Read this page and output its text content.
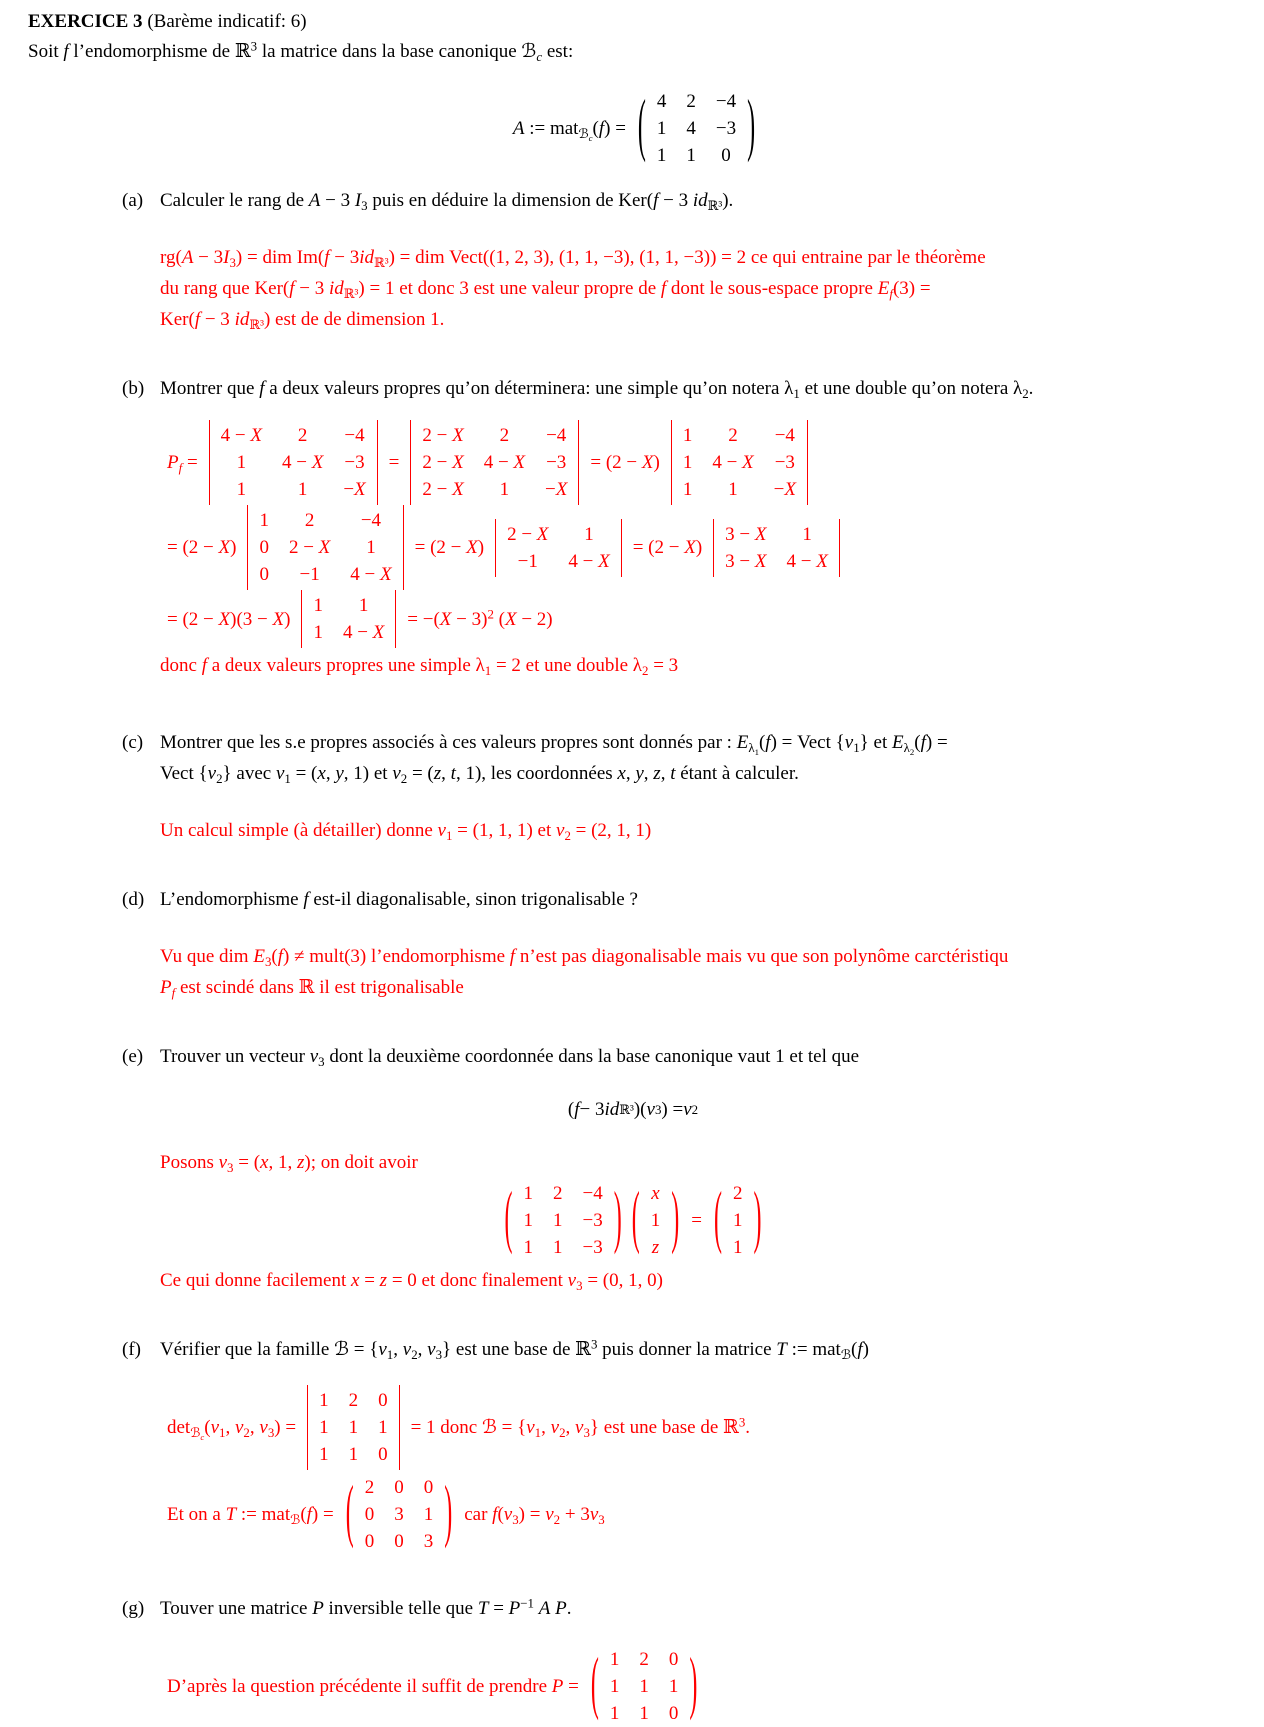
EXERCICE 3 (Barème indicatif: 6)
Soit f l’endomorphisme de ℝ$^3$ la matrice dans la base canonique ℬ$_c$ est:
A := mat$_{ℬ_c}$(f) = ( 4	2	−4
1	4	−3
1	1	0 )
(a) Calculer le rang de A − 3 $I_3$ puis en déduire la dimension de Ker(f − 3 $id_{ℝ^3}$).
$rg(A - 3I_3)$ = dim $Im(f - 3id_{ℝ^3})$ = dim Vect((1, 2, 3), (1, 1, −3), (1, 1, −3)) = 2 ce qui entraine par le théorème
du rang que Ker(f − 3 $id_{ℝ^3}) = 1$ et donc 3 est une valeur propre de f dont le sous-espace propre $E_f(3)$ =
Ker(f − 3 $id_{ℝ^3}$) est de de dimension 1.
(b) Montrer que f a deux valeurs propres qu’on déterminera: une simple qu’on notera $\lambda_1$ et une double qu’on notera $\lambda_2$.
$P_f$ =
4 − X	2	−4
1	4 − X	−3
1	1	−X
=
2 − X	2	−4
2 − X	4 − X	−3
2 − X	1	−X
= (2 − X)
1	2	−4
1	4 − X	−3
1	1	−X
= (2 − X)
1	2	−4
0	2 − X	1
0	−1	4 − X
= (2 − X)
2 − X	1
−1	4 − X
= (2 − X)
3 − X	1
3 − X	4 − X
= (2 − X)(3 − X)
1	1
1	4 − X
= $-(X - 3)^2$ (X − 2)
donc f a deux valeurs propres une simple $\lambda_1 = 2$ et une double $\lambda_2 = 3$
(c) Montrer que les s.e propres associés à ces valeurs propres sont donnés par : $E_{\lambda_1}(f)$ = Vect $\{v_1\}$ et $E_{\lambda_2}(f)$ =
Vect $\{v_2\}$ avec $v_1 = (x$, y, 1) et $v_2 = (z$, t, 1), les coordonnées x, y, z, t étant à calculer.
Un calcul simple (à détailler) donne $v_1 = (1$, 1, 1) et $v_2 = (2$, 1, 1)
(d) L’endomorphisme f est-il diagonalisable, sinon trigonalisable ?
Vu que dim $E_3(f)$ ≠ mult(3) l’endomorphisme f n’est pas diagonalisable mais vu que son polynôme carctéristiqu
$P_f$ est scindé dans ℝ il est trigonalisable
(e) Trouver un vecteur $v_3$ dont la deuxième coordonnée dans la base canonique vaut 1 et tel que
( f − 3 id ℝ³ )( v 3 ) = v 2
Posons $v_3 = (x$, 1, z); on doit avoir
( 1	2	−4
1	1	−3
1	1	−3 ) ( x
1
z ) = ( 2
1
1 )
Ce qui donne facilement x = z = 0 et donc finalement $v_3 = (0$, 1, 0)
(f) Vérifier que la famille ℬ = {$v_1$, $v_2$, $v_3$} est une base de ℝ$^3$ puis donner la matrice T := mat$_ℬ$(f)
$\det_{ℬ_c}(v_1$, $v_2$, $v_3$) =
1	2	0
1	1	1
1	1	0
= 1 donc ℬ = {$v_1$, $v_2$, $v_3$} est une base de ℝ$^3$.
Et on a T := mat$_ℬ$(f) = ( 2	0	0
0	3	1
0	0	3 ) car $f(v_3) = v_2 + 3v_3$
(g) Touver une matrice P inversible telle que $T = P^{-1}$ A P.
D’après la question précédente il suffit de prendre P = ( 1	2	0
1	1	1
1	1	0 )
